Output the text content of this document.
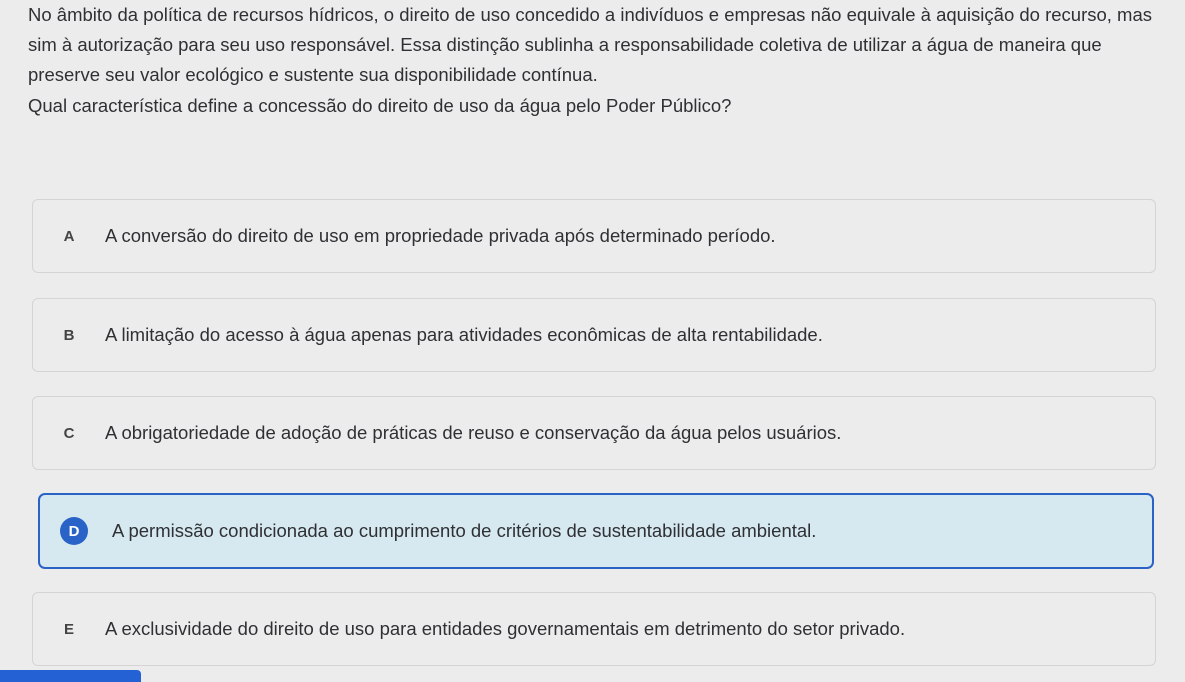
No âmbito da política de recursos hídricos, o direito de uso concedido a indivíduos e empresas não equivale à aquisição do recurso, mas sim à autorização para seu uso responsável. Essa distinção sublinha a responsabilidade coletiva de utilizar a água de maneira que preserve seu valor ecológico e sustente sua disponibilidade contínua.

Qual característica define a concessão do direito de uso da água pelo Poder Público?

A	A conversão do direito de uso em propriedade privada após determinado período.
B	A limitação do acesso à água apenas para atividades econômicas de alta rentabilidade.
C	A obrigatoriedade de adoção de práticas de reuso e conservação da água pelos usuários.
D	A permissão condicionada ao cumprimento de critérios de sustentabilidade ambiental.
E	A exclusividade do direito de uso para entidades governamentais em detrimento do setor privado.
